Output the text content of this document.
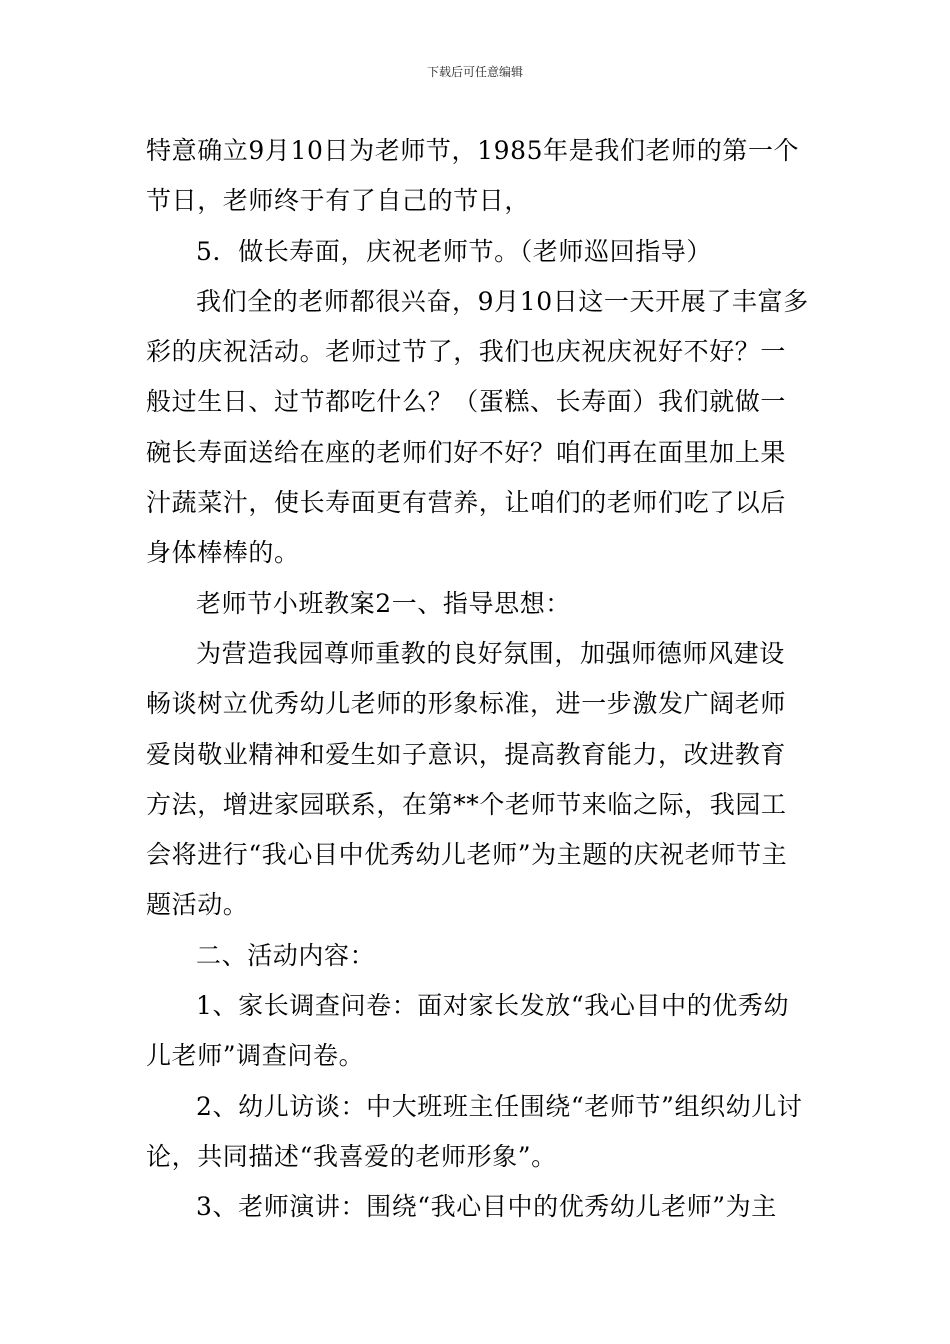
下载后可任意编辑

特意确立9月10日为老师节，1985年是我们老师的第一个节日，老师终于有了自己的节日，

5．做长寿面，庆祝老师节。（老师巡回指导）

我们全的老师都很兴奋，9月10日这一天开展了丰富多彩的庆祝活动。老师过节了，我们也庆祝庆祝好不好？一般过生日、过节都吃什么？（蛋糕、长寿面）我们就做一碗长寿面送给在座的老师们好不好？咱们再在面里加上果汁蔬菜汁，使长寿面更有营养，让咱们的老师们吃了以后身体棒棒的。

老师节小班教案2一、指导思想：

为营造我园尊师重教的良好氛围，加强师德师风建设畅谈树立优秀幼儿老师的形象标准，进一步激发广阔老师爱岗敬业精神和爱生如子意识，提高教育能力，改进教育方法，增进家园联系，在第**个老师节来临之际，我园工会将进行“我心目中优秀幼儿老师”为主题的庆祝老师节主题活动。

二、活动内容：

1、家长调查问卷：面对家长发放“我心目中的优秀幼儿老师”调查问卷。

2、幼儿访谈：中大班班主任围绕“老师节”组织幼儿讨论，共同描述“我喜爱的老师形象”。

3、老师演讲：围绕“我心目中的优秀幼儿老师”为主
